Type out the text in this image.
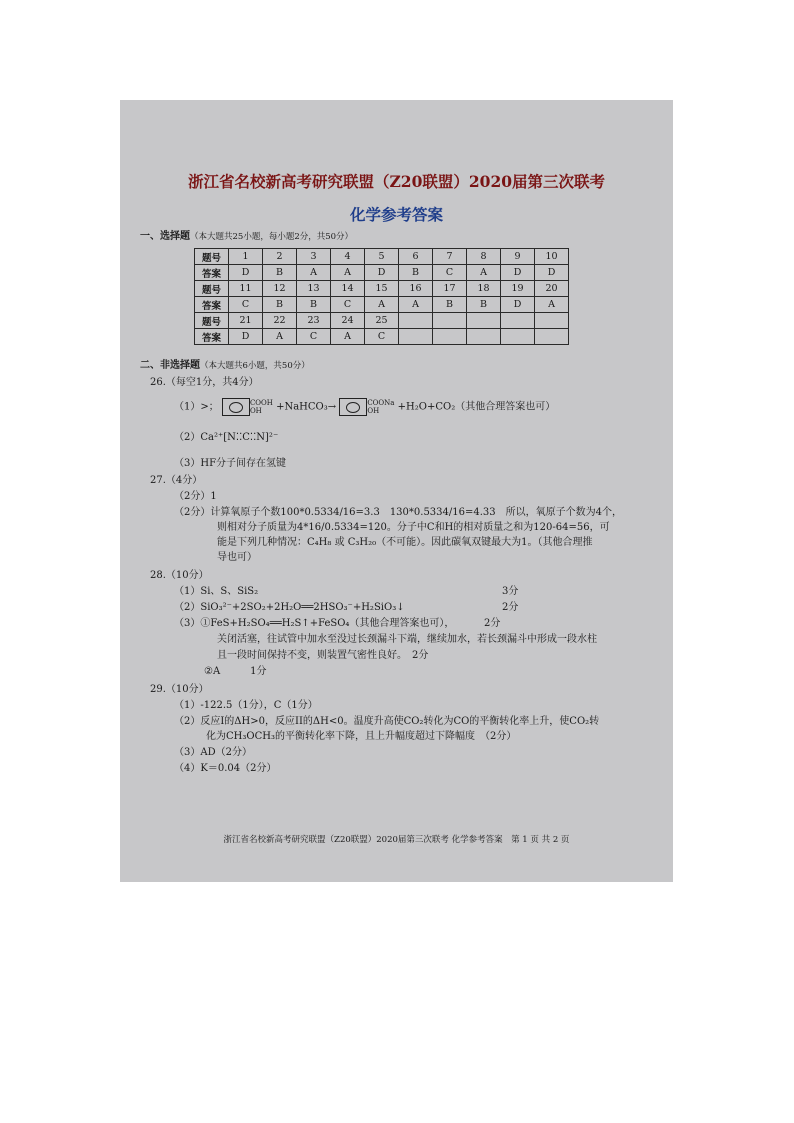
浙江省名校新高考研究联盟（Z20联盟）2020届第三次联考
化学参考答案
一、选择题（本大题共25小题，每小题2分，共50分）
题号	1	2	3	4	5	6	7	8	9	10
答案	D	B	A	A	D	B	C	A	D	D
题号	11	12	13	14	15	16	17	18	19	20
答案	C	B	B	C	A	A	B	B	D	A
题号	21	22	23	24	25					
答案	D	A	C	A	C					
二、非选择题（本大题共6小题，共50分）
26.（每空1分，共4分）
（1）>；	$^{COOH}$
$^{OH}$ +NaHCO₃→	$^{COONa}$
$^{OH}$ +H₂O+CO₂（其他合理答案也可）
（2）Ca²⁺[N⁚⁚C⁚⁚N]²⁻
（3）HF分子间存在氢键
27.（4分）
（2分）1
（2分）计算氧原子个数100*0.5334/16=3.3　130*0.5334/16=4.33　所以，氧原子个数为4个，
则相对分子质量为4*16/0.5334=120。分子中C和H的相对质量之和为120-64=56，可
能是下列几种情况：C₄H₈ 或 C₃H₂₀（不可能）。因此碳氧双键最大为1。（其他合理推
导也可）
28.（10分）
（1）Si、S、SiS₂	3分
（2）SiO₃²⁻+2SO₂+2H₂O══2HSO₃⁻+H₂SiO₃↓	2分
（3）①FeS+H₂SO₄══H₂S↑+FeSO₄（其他合理答案也可），	2分
关闭活塞，往试管中加水至没过长颈漏斗下端，继续加水，若长颈漏斗中形成一段水柱
且一段时间保持不变，则装置气密性良好。　2分
②A　　　1分
29.（10分）
（1）-122.5（1分），C（1分）
（2）反应I的ΔH>0，反应II的ΔH<0。温度升高使CO₂转化为CO的平衡转化率上升，使CO₂转
化为CH₃OCH₃的平衡转化率下降，且上升幅度超过下降幅度　（2分）
（3）AD（2分）
（4）K＝0.04（2分）
浙江省名校新高考研究联盟（Z20联盟）2020届第三次联考 化学参考答案　第 1 页 共 2 页
